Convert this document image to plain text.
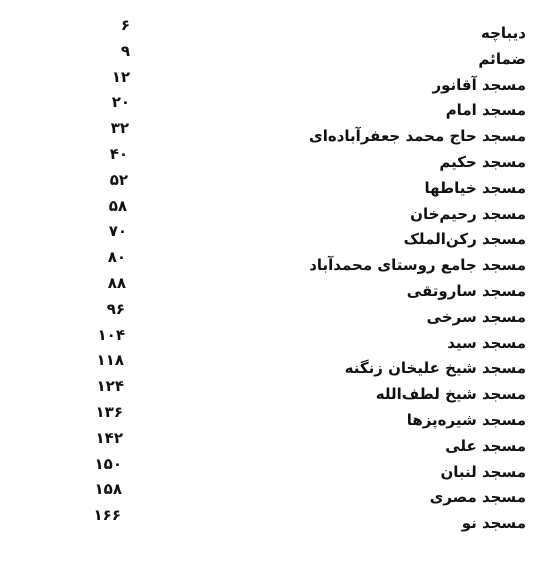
دیباچه
۶
ضمائم
۹
مسجد آقانور
۱۲
مسجد امام
۲۰
مسجد حاج محمد جعفرآباده‌ای
۳۲
مسجد حکیم
۴۰
مسجد خیاطها
۵۲
مسجد رحیم‌خان
۵۸
مسجد رکن‌الملک
۷۰
مسجد جامع روستای محمدآباد
۸۰
مسجد ساروتقی
۸۸
مسجد سرخی
۹۶
مسجد سید
۱۰۴
مسجد شیخ علیخان زنگنه
۱۱۸
مسجد شیخ لطف‌الله
۱۲۴
مسجد شیرەپزها
۱۳۶
مسجد علی
۱۴۲
مسجد لنبان
۱۵۰
مسجد مصری
۱۵۸
مسجد نو
۱۶۶
